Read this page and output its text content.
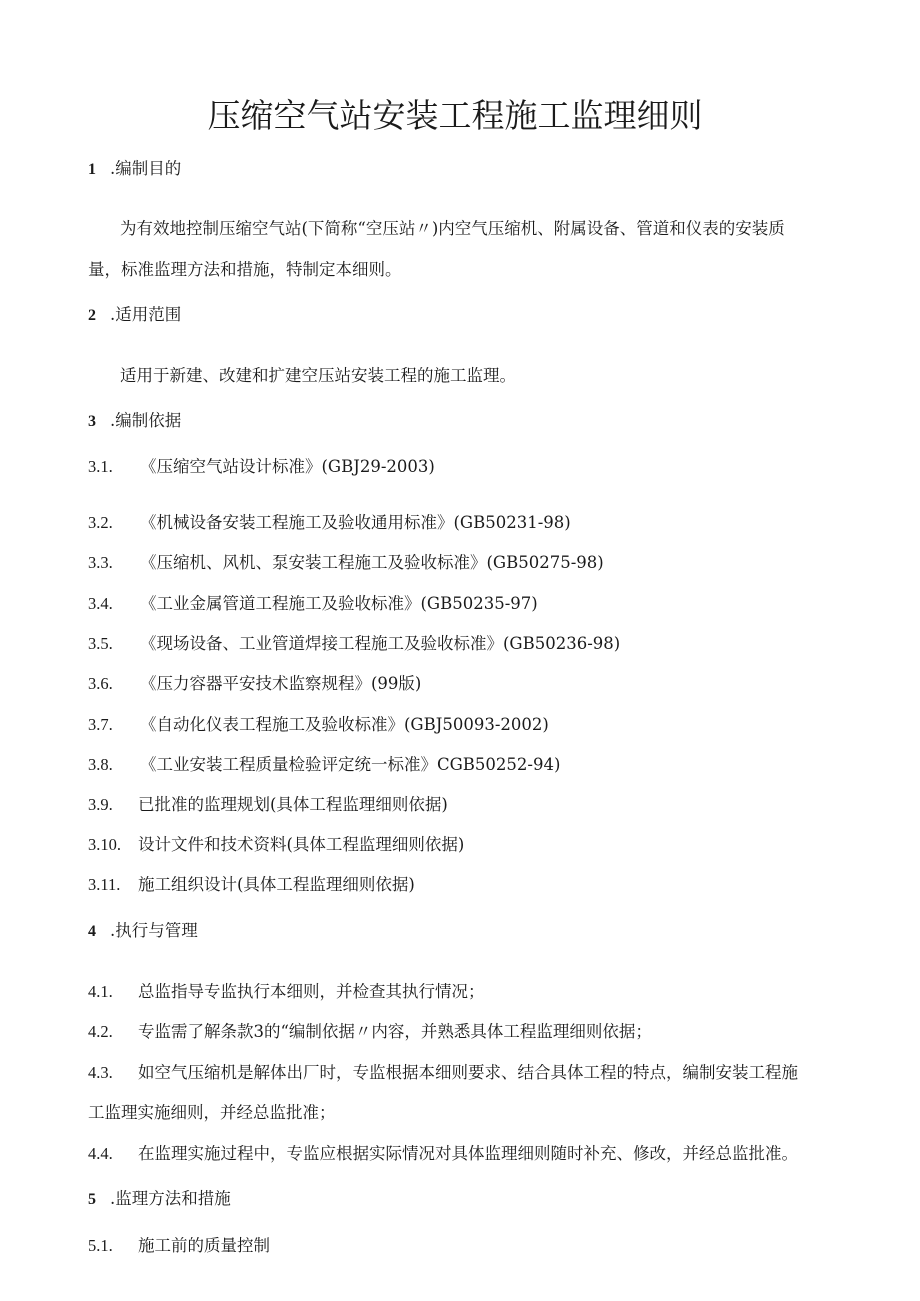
压缩空气站安装工程施工监理细则
1 .编制目的
为有效地控制压缩空气站(下简称“空压站〃)内空气压缩机、附属设备、管道和仪表的安装质
量，标准监理方法和措施，特制定本细则。
2 .适用范围
适用于新建、改建和扩建空压站安装工程的施工监理。
3 .编制依据
3.1. 《压缩空气站设计标准》(GBJ29-2003)
3.2. 《机械设备安装工程施工及验收通用标准》(GB50231-98)
3.3. 《压缩机、风机、泵安装工程施工及验收标准》(GB50275-98)
3.4. 《工业金属管道工程施工及验收标准》(GB50235-97)
3.5. 《现场设备、工业管道焊接工程施工及验收标准》(GB50236-98)
3.6. 《压力容器平安技术监察规程》(99版)
3.7. 《自动化仪表工程施工及验收标准》(GBJ50093-2002)
3.8. 《工业安装工程质量检验评定统一标准》CGB50252-94)
3.9. 已批准的监理规划(具体工程监理细则依据)
3.10. 设计文件和技术资料(具体工程监理细则依据)
3.11. 施工组织设计(具体工程监理细则依据)
4 .执行与管理
4.1. 总监指导专监执行本细则，并检查其执行情况；
4.2. 专监需了解条款3的“编制依据〃内容，并熟悉具体工程监理细则依据；
4.3. 如空气压缩机是解体出厂时，专监根据本细则要求、结合具体工程的特点，编制安装工程施
工监理实施细则，并经总监批准；
4.4. 在监理实施过程中，专监应根据实际情况对具体监理细则随时补充、修改，并经总监批准。
5 .监理方法和措施
5.1. 施工前的质量控制
